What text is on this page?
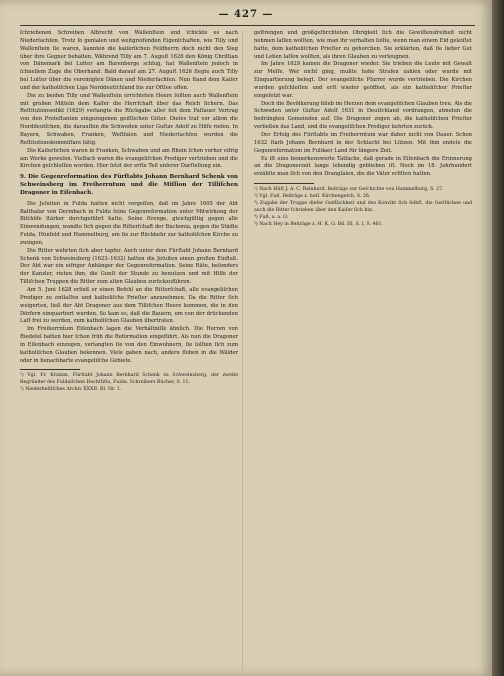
— 427 —

ſchriebenen Schreiben Albrecht von Wallenſtein und ſchickte es nach Niederſachſen. Trotz ſo genialen und weitgreifenden Eigenſchaften, wie Tilly und Wallenſtein ſie waren, kannten die kaiſerlichen Feldherrn doch nicht den Sieg über ihre Gegner behalten. Während Tilly am 7. Auguſt 1626 den König Chriſtian von Dänemark bei Lutter am Barenberge schlug, hat Wallenſtein jedoch in ſchnellem Zuge die Oberhand. Bald darauf am 27. Auguſt 1626 ſiegte auch Tilly bei Lutter über die vereinigten Dänen und Niederſachſen. Nun ſtand dem Kaiſer und der katholiſchen Liga Norddeutſchland bis zur Oſtſee offen.

Die zu beiden Tilly und Wallenſtein errichteten Heere ſollten auch Wallenſtein mit großen Mitteln dem Kaiſer die Herrſchaft über das Reich ſichern. Das Reſtitutionsedikt (1629) verlangte die Rückgabe aller ſeit dem Paſſauer Vertrag von den Proteſtanten eingezogenen geiſtlichen Güter. Dieſes traf vor allem die Norddeutſchen, die daraufhin die Schweden unter Guſtav Adolf zu Hilfe riefen. In Bayern, Schwaben, Franken, Weſtfalen und Niederſachſen wurden die Reſtitutionskommiſſare tätig.

Die Kaiſerlichen waren in Franken, Schwaben und am Rhein ſchon vorher eifrig am Werke geweſen. Vielfach waren die evangeliſchen Prediger vertrieben und die Kirchen geſchloſſen worden. Hier ſetzt der erſte Teil unſerer Darſtellung ein.

9. Die Gegenreformation des Fürſtabts Johann Bernhard Schenk von Schweinsberg im Freiherrntum und die Miſſion der Tilliſchen Dragoner in Eiſenbach.

Die Jeſuiten in Fulda hatten nicht vergeſſen, daß im Jahre 1605 der Abt Balthaſar von Dermbach in Fulda ſeine Gegenreformation unter Mitwirkung der Biſchöfe ſtärker durchgeführt hatte. Seine ſtrenge, gleichgültig gegen alle Einwendungen, wandte ſich gegen die Ritterſchaft der Buchonia, gegen die Städte Fulda, Hünfeld und Hammelburg, um ſie zur Rückkehr zur katholiſchen Kirche zu zwingen.

Die Ritter wehrten ſich aber tapfer. Auch unter dem Fürſtabt Johann Bernhard Schenk von Schweinsberg (1623–1632) hatten die Jeſuiten einen großen Einfluß. Der Abt war ein eifriger Anhänger der Gegenreformation. Seine Räte, beſonders der Kanzler, rieten ihm, die Gunſt der Stunde zu benutzen und mit Hilfe der Tilliſchen Truppen die Ritter zum alten Glauben zurückzuführen.

Am 5. Juni 1628 erließ er einen Befehl an die Ritterſchaft, alle evangeliſchen Prediger zu entlaſſen und katholiſche Prieſter anzunehmen. Da die Ritter ſich weigerten, ließ der Abt Dragoner aus dem Tilliſchen Heere kommen, die in den Dörfern einquartiert wurden. So kam es, daß die Bauern, um von der drückenden Laſt frei zu werden, zum katholiſchen Glauben übertraten.

Im Freiherrntum Eiſenbach lagen die Verhältniſſe ähnlich. Die Herren von Riedeſel hatten hier ſchon früh die Reformation eingeführt. Als nun die Dragoner in Eiſenbach einzogen, verlangten ſie von den Einwohnern, ſie ſollten ſich zum katholiſchen Glauben bekennen. Viele gaben nach, andere flohen in die Wälder oder in benachbarte evangeliſche Gebiete.

¹) Vgl. Fr. Kramm, Fürſtabt Johann Bernhard Schenk zu Schweinsberg, der zweite Begründer des Fuldaiſchen Hochſtifts, Fulda. Schreibers Bücher, S. 11.

²) Niederheſſiſches Archiv XXXII. Bl. Nr. 1.

geſtrengen und großgefürchteten Obrigkeit ſich die Gewiſſensfreiheit nicht nehmen laſſen wollten, wie man ihr verhalten ſollte, wenn man einem Eid geleiſtet hatte, dem katholiſchen Prieſter zu gehorchen. Sie erklärten, daß ſie lieber Gut und Leben laſſen wollten, als ihren Glauben zu verleugnen.

Im Jahre 1629 kamen die Dragoner wieder. Sie trieben die Leute mit Gewalt zur Meſſe. Wer nicht ging, mußte hohe Strafen zahlen oder wurde mit Einquartierung belegt. Der evangeliſche Pfarrer wurde vertrieben. Die Kirchen wurden geſchloſſen und erſt wieder geöffnet, als ein katholiſcher Prieſter eingeſetzt war.

Doch die Bevölkerung blieb im Herzen dem evangeliſchen Glauben treu. Als die Schweden unter Guſtav Adolf 1631 in Deutſchland vordrangen, atmeten die bedrängten Gemeinden auf. Die Dragoner zogen ab, die katholiſchen Prieſter verließen das Land, und die evangeliſchen Prediger kehrten zurück.

Der Erfolg des Fürſtabts im Freiherrntum war daher nicht von Dauer. Schon 1632 ſtarb Johann Bernhard in der Schlacht bei Lützen. Mit ihm endete die Gegenreformation im Fuldaer Land für längere Zeit.

Es iſt eine bemerkenswerte Tatſache, daß gerade in Eiſenbach die Erinnerung an die Dragonerzeit lange lebendig geblieben iſt. Noch im 18. Jahrhundert erzählte man ſich von den Drangſalen, die die Väter erlitten hatten.

¹) Nach Hüſt J. A. C. Reinhard, Beiträge zur Geſchichte von Hammelburg, S. 27.

²) Vgl. Fuß, Beiträge z. heſſ. Kirchengeſch. S. 26.

³) Zugabe der Truppe dieſer Geiſtlichkeit und des Konvikt ſich ſelbſt, die Geiſtlichen und auch die Ritter ſchrieben über den Kaiſer ſich hin.

⁴) Fuß, a. a. O.

⁵) Nach Hey in Beiträge z. H. K. G. Bd. III, S. I, S. 461.
